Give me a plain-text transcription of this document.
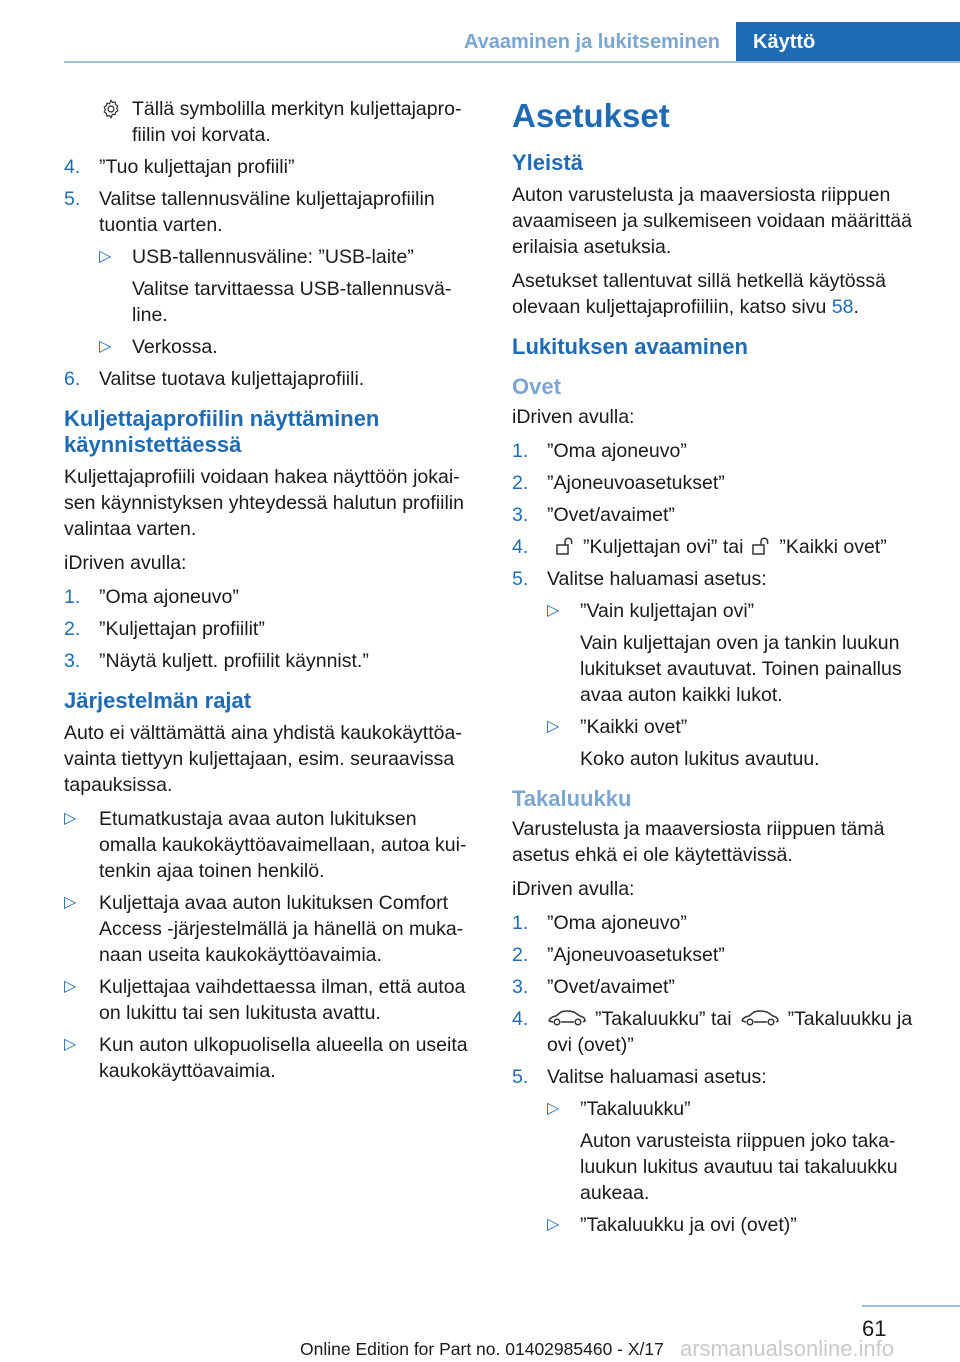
Avaaminen ja lukitseminen	Käyttö
Tällä symbolilla merkityn kuljettajapro-fiilin voi korvata.
4. ”Tuo kuljettajan profiili”
5. Valitse tallennusväline kuljettajaprofiilin tuontia varten.
▷	USB-tallennusväline: ”USB-laite”
Valitse tarvittaessa USB-tallennusvä-line.
▷	Verkossa.
6. Valitse tuotava kuljettajaprofiili.
Kuljettajaprofiilin näyttäminen käynnistettäessä

Kuljettajaprofiili voidaan hakea näyttöön jokai-sen käynnistyksen yhteydessä halutun profiilin valintaa varten.

iDriven avulla:

1. ”Oma ajoneuvo”
2. ”Kuljettajan profiilit”
3. ”Näytä kuljett. profiilit käynnist.”
Järjestelmän rajat

Auto ei välttämättä aina yhdistä kaukokäyttöa-vainta tiettyyn kuljettajaan, esim. seuraavissa tapauksissa.

▷	Etumatkustaja avaa auton lukituksen omalla kaukokäyttöavaimellaan, autoa kui-tenkin ajaa toinen henkilö.
▷	Kuljettaja avaa auton lukituksen Comfort Access -järjestelmällä ja hänellä on muka-naan useita kaukokäyttöavaimia.
▷	Kuljettajaa vaihdettaessa ilman, että autoa on lukittu tai sen lukitusta avattu.
▷	Kun auton ulkopuolisella alueella on useita kaukokäyttöavaimia.
Asetukset
Yleistä

Auton varustelusta ja maaversiosta riippuen avaamiseen ja sulkemiseen voidaan määrittää erilaisia asetuksia.

Asetukset tallentuvat sillä hetkellä käytössä olevaan kuljettajaprofiiliin, katso sivu 58.

Lukituksen avaaminen
Ovet

iDriven avulla:

1. ”Oma ajoneuvo”
2. ”Ajoneuvoasetukset”
3. ”Ovet/avaimet”
4.	”Kuljettajan ovi” tai ”Kaikki ovet”
5. Valitse haluamasi asetus:
▷	”Vain kuljettajan ovi”
Vain kuljettajan oven ja tankin luukun lukitukset avautuvat. Toinen painallus avaa auton kaikki lukot.
▷	”Kaikki ovet”
Koko auton lukitus avautuu.
Takaluukku

Varustelusta ja maaversiosta riippuen tämä asetus ehkä ei ole käytettävissä.

iDriven avulla:

1. ”Oma ajoneuvo”
2. ”Ajoneuvoasetukset”
3. ”Ovet/avaimet”
4.	”Takaluukku” tai	”Takaluukku ja ovi (ovet)”
5. Valitse haluamasi asetus:
▷	”Takaluukku”
Auton varusteista riippuen joko taka-luukun lukitus avautuu tai takaluukku aukeaa.
▷	”Takaluukku ja ovi (ovet)”
61
Online Edition for Part no. 01402985460 - X/17 arsmanualsonline.info
